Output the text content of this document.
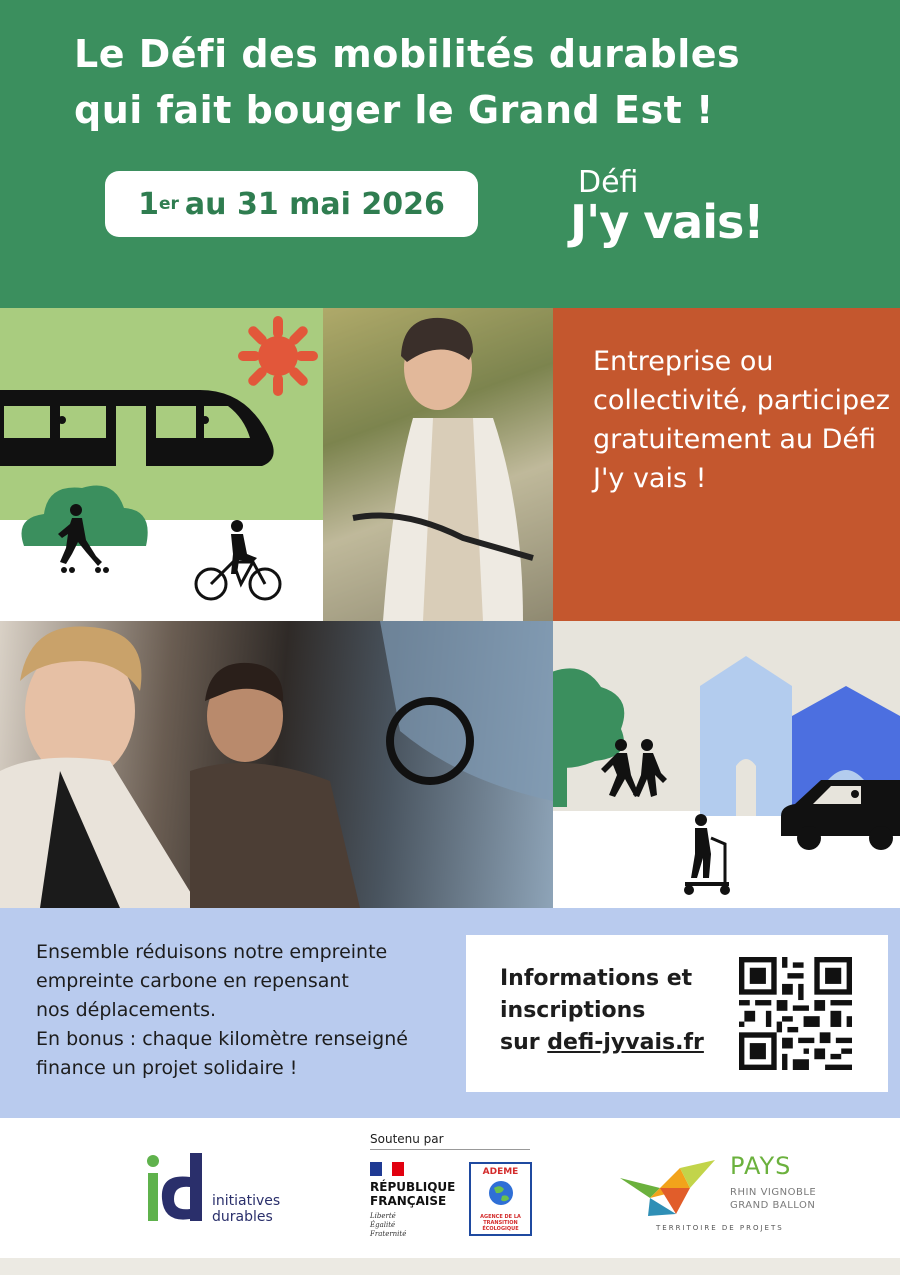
Le Défi des mobilités durables
qui fait bouger le Grand Est !
1 er au 31 mai 2026
Défi
J'y vais!

Entreprise ou collectivité, participez gratuitement au Défi J'y vais !

Ensemble réduisons notre empreinte
empreinte carbone en repensant
nos déplacements.
En bonus : chaque kilomètre renseigné
finance un projet solidaire !

Informations et
inscriptions
sur defi-jyvais.fr

initiatives
durables
Soutenu par
RÉPUBLIQUE
FRANÇAISE
Liberté
Égalité
Fraternité
ADEME
AGENCE DE LA
TRANSITION
ÉCOLOGIQUE
PAYS
RHIN VIGNOBLE
GRAND BALLON
TERRITOIRE DE PROJETS
